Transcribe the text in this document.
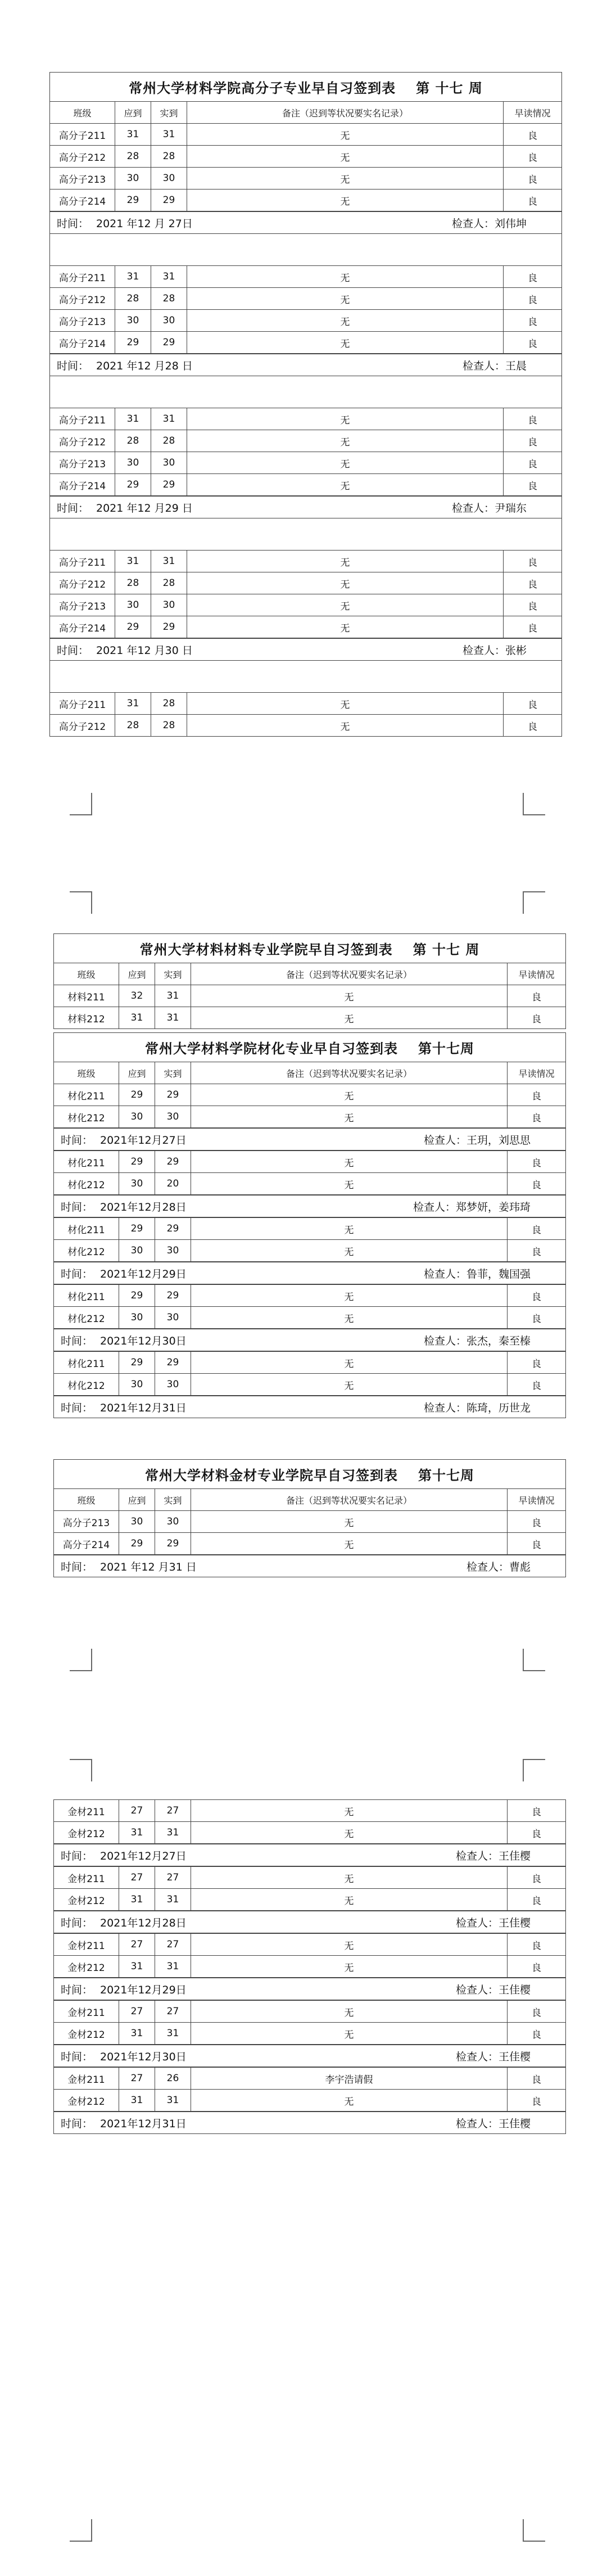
常州大学材料学院高分子专业早自习签到表 第 十七 周
班级	应到	实到	备注（迟到等状况要实名记录）	早读情况
高分子211	31	31	无	良
高分子212	28	28	无	良
高分子213	30	30	无	良
高分子214	29	29	无	良
时间： 2021 年12 月 27日	检查人：刘伟坤
高分子211	31	31	无	良
高分子212	28	28	无	良
高分子213	30	30	无	良
高分子214	29	29	无	良
时间： 2021 年12 月28 日	检查人：王晨
高分子211	31	31	无	良
高分子212	28	28	无	良
高分子213	30	30	无	良
高分子214	29	29	无	良
时间： 2021 年12 月29 日	检查人：尹瑞东
高分子211	31	31	无	良
高分子212	28	28	无	良
高分子213	30	30	无	良
高分子214	29	29	无	良
时间： 2021 年12 月30 日	检查人：张彬
高分子211	31	28	无	良
高分子212	28	28	无	良
常州大学材料材料专业学院早自习签到表 第 十七 周
班级	应到	实到	备注（迟到等状况要实名记录）	早读情况
材料211	32	31	无	良
材料212	31	31	无	良
常州大学材料学院材化专业早自习签到表 第十七周
班级	应到	实到	备注（迟到等状况要实名记录）	早读情况
材化211	29	29	无	良
材化212	30	30	无	良
时间： 2021年12月27日	检查人：王玥，刘思思
材化211	29	29	无	良
材化212	30	20	无	良
时间： 2021年12月28日	检查人：郑梦妍，姜玮琦
材化211	29	29	无	良
材化212	30	30	无	良
时间： 2021年12月29日	检查人：鲁菲，魏国强
材化211	29	29	无	良
材化212	30	30	无	良
时间： 2021年12月30日	检查人：张杰，秦至榛
材化211	29	29	无	良
材化212	30	30	无	良
时间： 2021年12月31日	检查人：陈琦，历世龙
常州大学材料金材专业学院早自习签到表 第十七周
班级	应到	实到	备注（迟到等状况要实名记录）	早读情况
高分子213	30	30	无	良
高分子214	29	29	无	良
时间： 2021 年12 月31 日	检查人：曹彪
金材211	27	27	无	良
金材212	31	31	无	良
时间： 2021年12月27日	检查人：王佳樱
金材211	27	27	无	良
金材212	31	31	无	良
时间： 2021年12月28日	检查人：王佳樱
金材211	27	27	无	良
金材212	31	31	无	良
时间： 2021年12月29日	检查人：王佳樱
金材211	27	27	无	良
金材212	31	31	无	良
时间： 2021年12月30日	检查人：王佳樱
金材211	27	26	李宇浩请假	良
金材212	31	31	无	良
时间： 2021年12月31日	检查人：王佳樱
